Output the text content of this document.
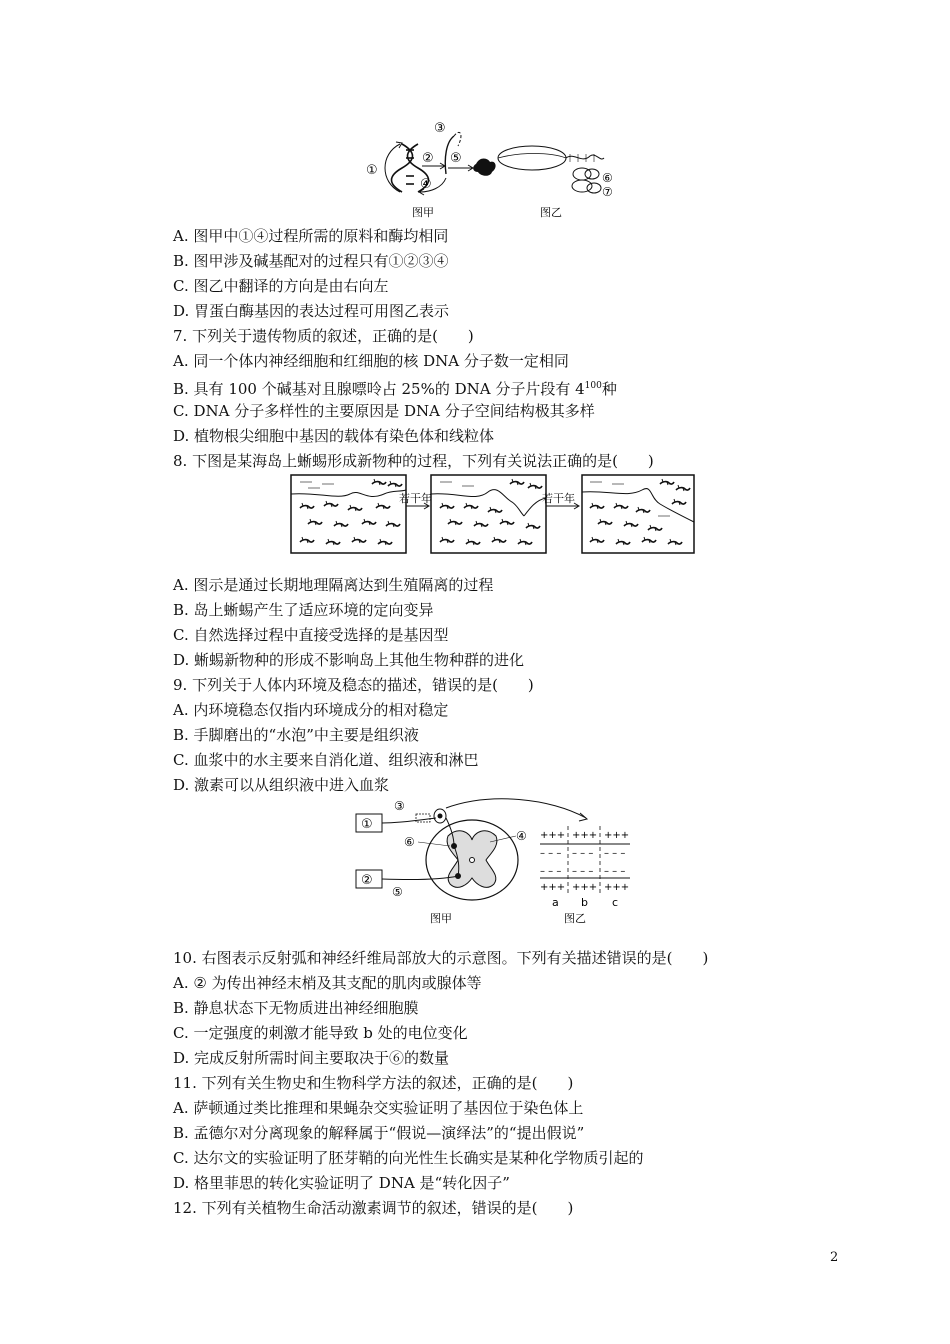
①
②
③
④
⑤
⑥
⑦
图甲	图乙
A. 图甲中①④过程所需的原料和酶均相同
B. 图甲涉及碱基配对的过程只有①②③④
C. 图乙中翻译的方向是由右向左
D. 胃蛋白酶基因的表达过程可用图乙表示
7. 下列关于遗传物质的叙述，正确的是(　　)
A. 同一个体内神经细胞和红细胞的核 DNA 分子数一定相同
B. 具有 100 个碱基对且腺嘌呤占 25%的 DNA 分子片段有 $4^{100}$种
C. DNA 分子多样性的主要原因是 DNA 分子空间结构极其多样
D. 植物根尖细胞中基因的载体有染色体和线粒体
8. 下图是某海岛上蜥蜴形成新物种的过程，下列有关说法正确的是(　　)
若干年	若干年
A. 图示是通过长期地理隔离达到生殖隔离的过程
B. 岛上蜥蜴产生了适应环境的定向变异
C. 自然选择过程中直接受选择的是基因型
D. 蜥蜴新物种的形成不影响岛上其他生物种群的进化
9. 下列关于人体内环境及稳态的描述，错误的是(　　)
A. 内环境稳态仅指内环境成分的相对稳定
B. 手脚磨出的“水泡”中主要是组织液
C. 血浆中的水主要来自消化道、组织液和淋巴
D. 激素可以从组织液中进入血浆
①
②
③
⑥
⑤
④ +++ +++ +++
– – – – – – – – –
– – – – – – – – –
+++ +++ +++
a b c
图甲	图乙
10. 右图表示反射弧和神经纤维局部放大的示意图。下列有关描述错误的是(　　)
A. ② 为传出神经末梢及其支配的肌肉或腺体等
B. 静息状态下无物质进出神经细胞膜
C. 一定强度的刺激才能导致 b 处的电位变化
D. 完成反射所需时间主要取决于⑥的数量
11. 下列有关生物史和生物科学方法的叙述，正确的是(　　)
A. 萨顿通过类比推理和果蝇杂交实验证明了基因位于染色体上
B. 孟德尔对分离现象的解释属于“假说—演绎法”的“提出假说”
C. 达尔文的实验证明了胚芽鞘的向光性生长确实是某种化学物质引起的
D. 格里菲思的转化实验证明了 DNA 是“转化因子”
12. 下列有关植物生命活动激素调节的叙述，错误的是(　　)
2
